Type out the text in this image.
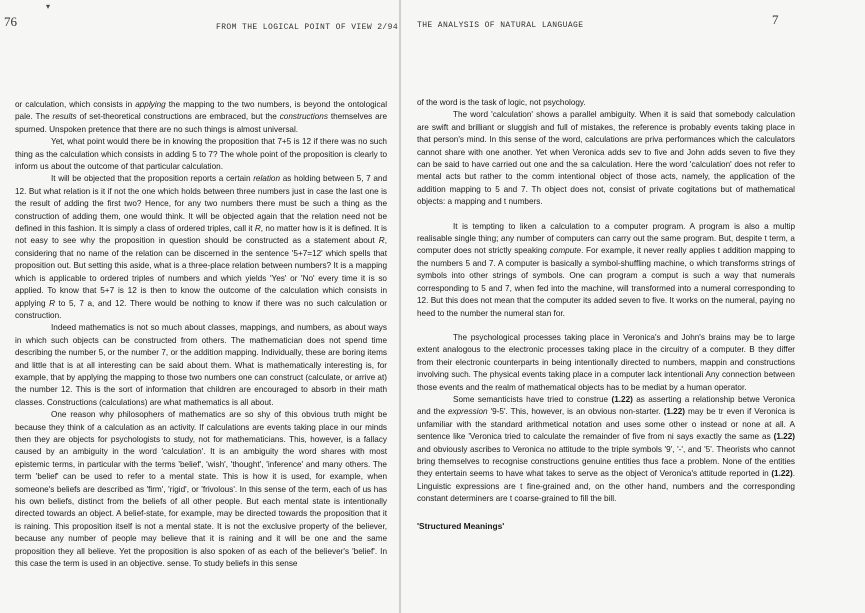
76
▾
FROM THE LOGICAL POINT OF VIEW 2/94

or calculation, which consists in applying the mapping to the two numbers, is beyond the ontological pale. The results of set-theoretical constructions are embraced, but the constructions themselves are spurned. Unspoken pretence that there are no such things is almost universal.

Yet, what point would there be in knowing the proposition that 7+5 is 12 if there was no such thing as the calculation which consists in adding 5 to 7? The whole point of the proposition is clearly to inform us about the outcome of that particular calculation.

It will be objected that the proposition reports a certain relation as holding between 5, 7 and 12. But what relation is it if not the one which holds between three numbers just in case the last one is the result of adding the first two? Hence, for any two numbers there must be such a thing as the construction of adding them, one would think. It will be objected again that the relation need not be defined in this fashion. It is simply a class of ordered triples, call it R, no matter how is it is defined. It is not easy to see why the proposition in question should be constructed as a statement about R, considering that no name of the relation can be discerned in the sentence '5+7=12' which spells that proposition out. But setting this aside, what is a three-place relation between numbers? It is a mapping which is applicable to ordered triples of numbers and which yields 'Yes' or 'No' every time it is so applied. To know that 5+7 is 12 is then to know the outcome of the calculation which consists in applying R to 5, 7 a, and 12. There would be nothing to know if there was no such calculation or construction.

Indeed mathematics is not so much about classes, mappings, and numbers, as about ways in which such objects can be constructed from others. The mathematician does not spend time describing the number 5, or the number 7, or the addition mapping. Individually, these are boring items and little that is at all interesting can be said about them. What is mathematically interesting is, for example, that by applying the mapping to those two numbers one can construct (calculate, or arrive at) the number 12. This is the sort of information that children are encouraged to absorb in their math classes. Constructions (calculations) are what mathematics is all about.

One reason why philosophers of mathematics are so shy of this obvious truth might be because they think of a calculation as an activity. If calculations are events taking place in our minds then they are objects for psychologists to study, not for mathematicians. This, however, is a fallacy caused by an ambiguity in the word 'calculation'. It is an ambiguity the word shares with most epistemic terms, in particular with the terms 'belief', 'wish', 'thought', 'inference' and many others. The term 'belief' can be used to refer to a mental state. This is how it is used, for example, when someone's beliefs are described as 'firm', 'rigid', or 'frivolous'. In this sense of the term, each of us has his own beliefs, distinct from the beliefs of all other people. But each mental state is intentionally directed towards an object. A belief-state, for example, may be directed towards the proposition that it is raining. This proposition itself is not a mental state. It is not the exclusive property of the believer, because any number of people may believe that it is raining and it will be one and the same proposition they all believe. Yet the proposition is also spoken of as each of the believer's 'belief'. In this case the term is used in an objective. sense. To study beliefs in this sense

THE ANALYSIS OF NATURAL LANGUAGE	7

of the word is the task of logic, not psychology.

The word 'calculation' shows a parallel ambiguity. When it is said that somebody calculation are swift and brilliant or sluggish and full of mistakes, the reference is probably events taking place in that person's mind. In this sense of the word, calculations are priva performances which the calculators cannot share with one another. Yet when Veronica adds sev to five and John adds seven to five they can be said to have carried out one and the sa calculation. Here the word 'calculation' does not refer to mental acts but rather to the comm intentional object of those acts, namely, the application of the addition mapping to 5 and 7. Th object does not, consist of private cogitations but of mathematical objects: a mapping and t numbers.

It is tempting to liken a calculation to a computer program. A program is also a multip realisable single thing; any number of computers can carry out the same program. But, despite t term, a computer does not strictly speaking compute. For example, it never really applies t addition mapping to the numbers 5 and 7. A computer is basically a symbol-shuffling machine, o which transforms strings of symbols into other strings of symbols. One can program a comput is such a way that numerals corresponding to 5 and 7, when fed into the machine, will transformed into a numeral corresponding to 12. But this does not mean that the computer its added seven to five. It works on the numeral, paying no heed to the number the numeral stan for.

The psychological processes taking place in Veronica's and John's brains may be to large extent analogous to the electronic processes taking place in the circuitry of a computer. B they differ from their electronic counterparts in being intentionally directed to numbers, mappin and constructions involving such. The physical events taking place in a computer lack intentionali Any connection between those events and the realm of mathematical objects has to be mediat by a human operator.

Some semanticists have tried to construe (1.22) as asserting a relationship betwe Veronica and the expression '9-5'. This, however, is an obvious non-starter. (1.22) may be tr even if Veronica is unfamiliar with the standard arithmetical notation and uses some other o instead or none at all. A sentence like 'Veronica tried to calculate the remainder of five from ni says exactly the same as (1.22) and obviously ascribes to Veronica no attitude to the triple symbols '9', '-', and '5'. Theorists who cannot bring themselves to recognise constructions genuine entities thus face a problem. None of the entities they entertain seems to have what takes to serve as the object of Veronica's attitude reported in (1.22). Linguistic expressions are t fine-grained and, on the other hand, numbers and the corresponding constant determiners are t coarse-grained to fill the bill.

'Structured Meanings'
